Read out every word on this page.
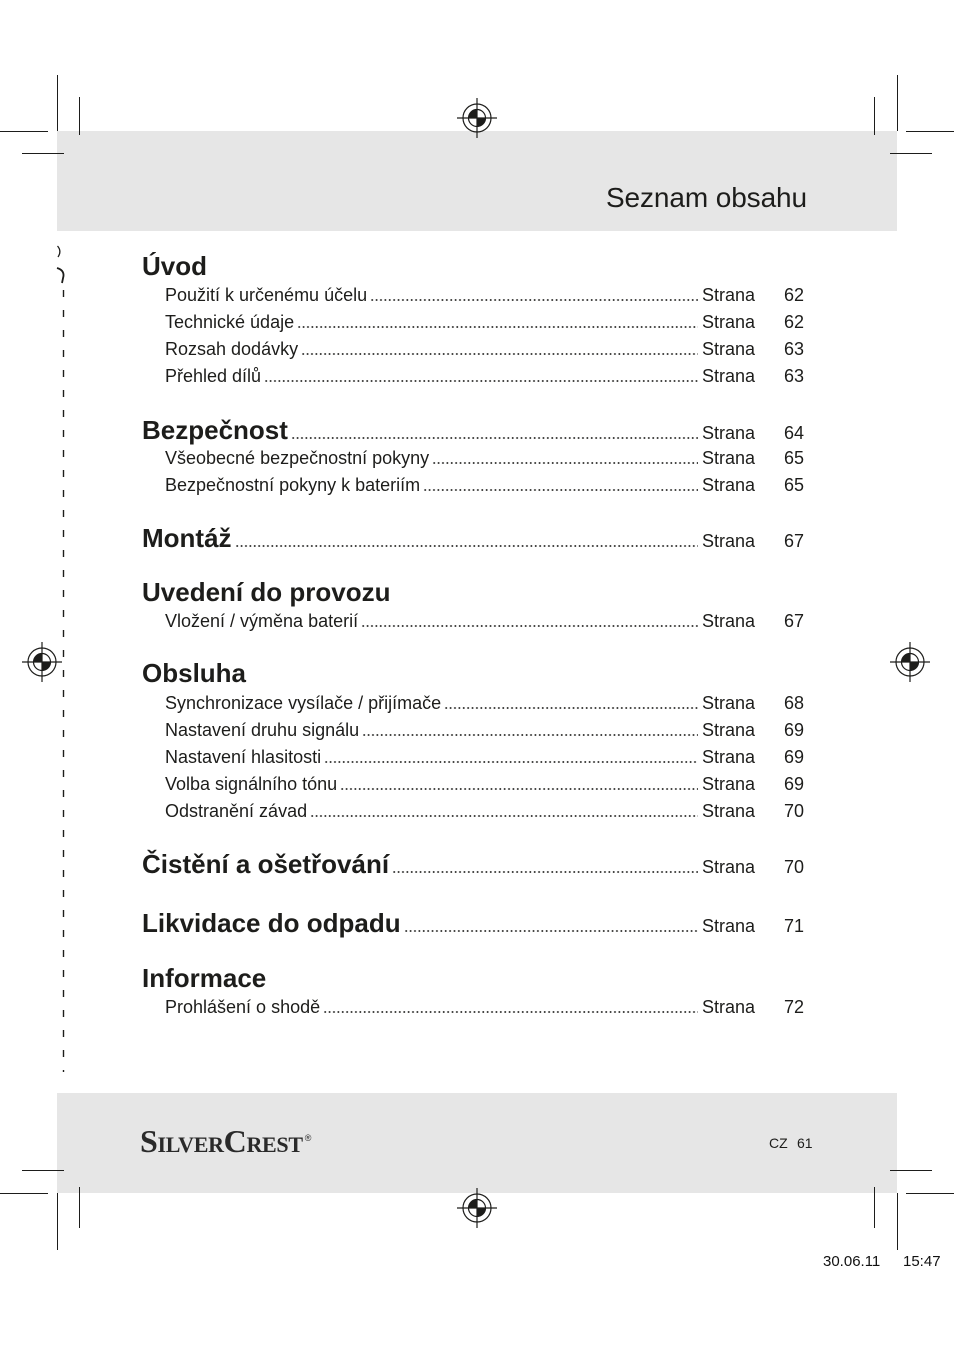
Seznam obsahu
Úvod
Použití k určenému účelu	Strana	62
Technické údaje	Strana	62
Rozsah dodávky	Strana	63
Přehled dílů	Strana	63
Bezpečnost	Strana	64
Všeobecné bezpečnostní pokyny	Strana	65
Bezpečnostní pokyny k bateriím	Strana	65
Montáž	Strana	67
Uvedení do provozu
Vložení / výměna baterií	Strana	67
Obsluha
Synchronizace vysílače / přijímače	Strana	68
Nastavení druhu signálu	Strana	69
Nastavení hlasitosti	Strana	69
Volba signálního tónu	Strana	69
Odstranění závad	Strana	70
Čistění a ošetřování	Strana	70
Likvidace do odpadu	Strana	71
Informace
Prohlášení o shodě	Strana	72
SilverCrest ®	CZ 61
30.06.11 15:47
